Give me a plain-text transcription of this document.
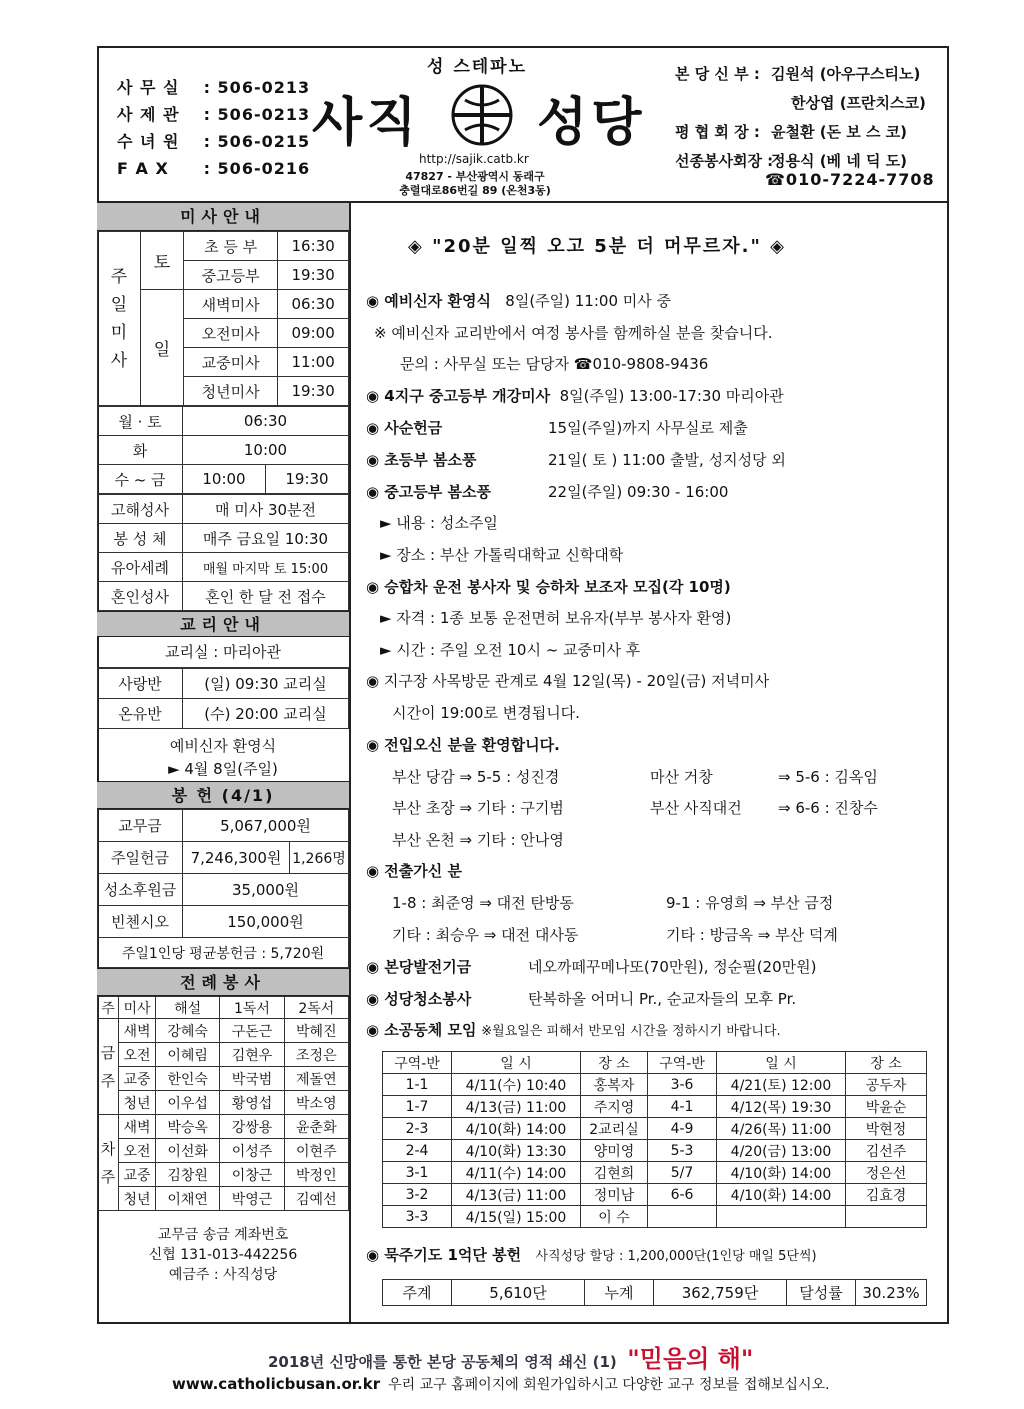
사 무 실 : 506-0213
사 제 관 : 506-0213
수 녀 원 : 506-0215
F A X : 506-0216
성 스테파노
사직 성당
http://sajik.catb.kr
47827 - 부산광역시 동래구
충렬대로86번길 89 (온천3동)
본 당 신 부 : 김원석 (아우구스티노)
한상엽 (프란치스코)
평 협 회 장 : 윤철환 (돈 보 스 코)
선종봉사회장 :정용식 (베 네 딕 도)
☎010-7224-7708
미사안내
주일미사	토	초 등 부	16:30
		중고등부	19:30
	일	새벽미사	06:30
		오전미사	09:00
		교중미사	11:00
		청년미사	19:30
월 · 토	06:30	
화	10:00	
수 ~ 금	10:00	19:30
고해성사	매 미사 30분전
봉 성 체	매주 금요일 10:30
유아세례	매월 마지막 토 15:00
혼인성사	혼인 한 달 전 접수
교리안내
교리실 : 마리아관
사랑반	(일) 09:30 교리실
온유반	(수) 20:00 교리실
예비신자 환영식
► 4월 8일(주일)
봉 헌 (4/1)
교무금	5,067,000원	
주일헌금	7,246,300원	1,266명
성소후원금	35,000원	
빈첸시오	150,000원	
주일1인당 평균봉헌금 : 5,720원		
전례봉사
주	미사	해설	1독서	2독서
금주	새벽	강혜숙	구돈근	박혜진
	오전	이혜림	김현우	조정은
	교중	한인숙	박국범	제돌연
	청년	이우섭	황영섭	박소영
차주	새벽	박승옥	강쌍용	윤춘화
	오전	이선화	이성주	이현주
	교중	김창원	이창근	박정인
	청년	이채연	박영근	김예선
교무금 송금 계좌번호
신협 131-013-442256
예금주 : 사직성당
◈ "20분 일찍 오고 5분 더 머무르자." ◈
◉ 예비신자 환영식 8일(주일) 11:00 미사 중
※ 예비신자 교리반에서 여정 봉사를 함께하실 분을 찾습니다.
문의 : 사무실 또는 담당자 ☎010-9808-9436
◉ 4지구 중고등부 개강미사 8일(주일) 13:00-17:30 마리아관
◉ 사순헌금	15일(주일)까지 사무실로 제출
◉ 초등부 봄소풍	21일( 토 ) 11:00 출발, 성지성당 외
◉ 중고등부 봄소풍	22일(주일) 09:30 - 16:00
► 내용 : 성소주일
► 장소 : 부산 가톨릭대학교 신학대학
◉ 승합차 운전 봉사자 및 승하차 보조자 모집(각 10명)
► 자격 : 1종 보통 운전면허 보유자(부부 봉사자 환영)
► 시간 : 주일 오전 10시 ~ 교중미사 후
◉ 지구장 사목방문 관계로 4월 12일(목) - 20일(금) 저녁미사
시간이 19:00로 변경됩니다.
◉ 전입오신 분을 환영합니다.
부산 당감 ⇒ 5-5 : 성진경	마산 거창	⇒ 5-6 : 김옥임
부산 초장 ⇒ 기타 : 구기범	부산 사직대건 ⇒ 6-6 : 진창수
부산 온천 ⇒ 기타 : 안나영
◉ 전출가신 분
1-8 : 최준영 ⇒ 대전 탄방동	9-1 : 유영희 ⇒ 부산 금정
기타 : 최승우 ⇒ 대전 대사동	기타 : 방금옥 ⇒ 부산 덕계
◉ 본당발전기금	네오까떼꾸메나또(70만원), 정순필(20만원)
◉ 성당청소봉사	탄복하올 어머니 Pr., 순교자들의 모후 Pr.
◉ 소공동체 모임 ※월요일은 피해서 반모임 시간을 정하시기 바랍니다.
구역-반	일 시	장 소	구역-반	일 시	장 소
1-1	4/11(수) 10:40	홍복자	3-6	4/21(토) 12:00	공두자
1-7	4/13(금) 11:00	주지영	4-1	4/12(목) 19:30	박윤순
2-3	4/10(화) 14:00	2교리실	4-9	4/26(목) 11:00	박현정
2-4	4/10(화) 13:30	양미영	5-3	4/20(금) 13:00	김선주
3-1	4/11(수) 14:00	김현희	5/7	4/10(화) 14:00	정은선
3-2	4/13(금) 11:00	정미남	6-6	4/10(화) 14:00	김효경
3-3	4/15(일) 15:00	이 수			
◉ 묵주기도 1억단 봉헌 사직성당 할당 : 1,200,000단(1인당 매일 5단씩)
주계	5,610단	누계	362,759단	달성률	30.23%
2018년 신망애를 통한 본당 공동체의 영적 쇄신 (1) "믿음의 해"
www.catholicbusan.or.kr 우리 교구 홈페이지에 회원가입하시고 다양한 교구 정보를 접해보십시오.
